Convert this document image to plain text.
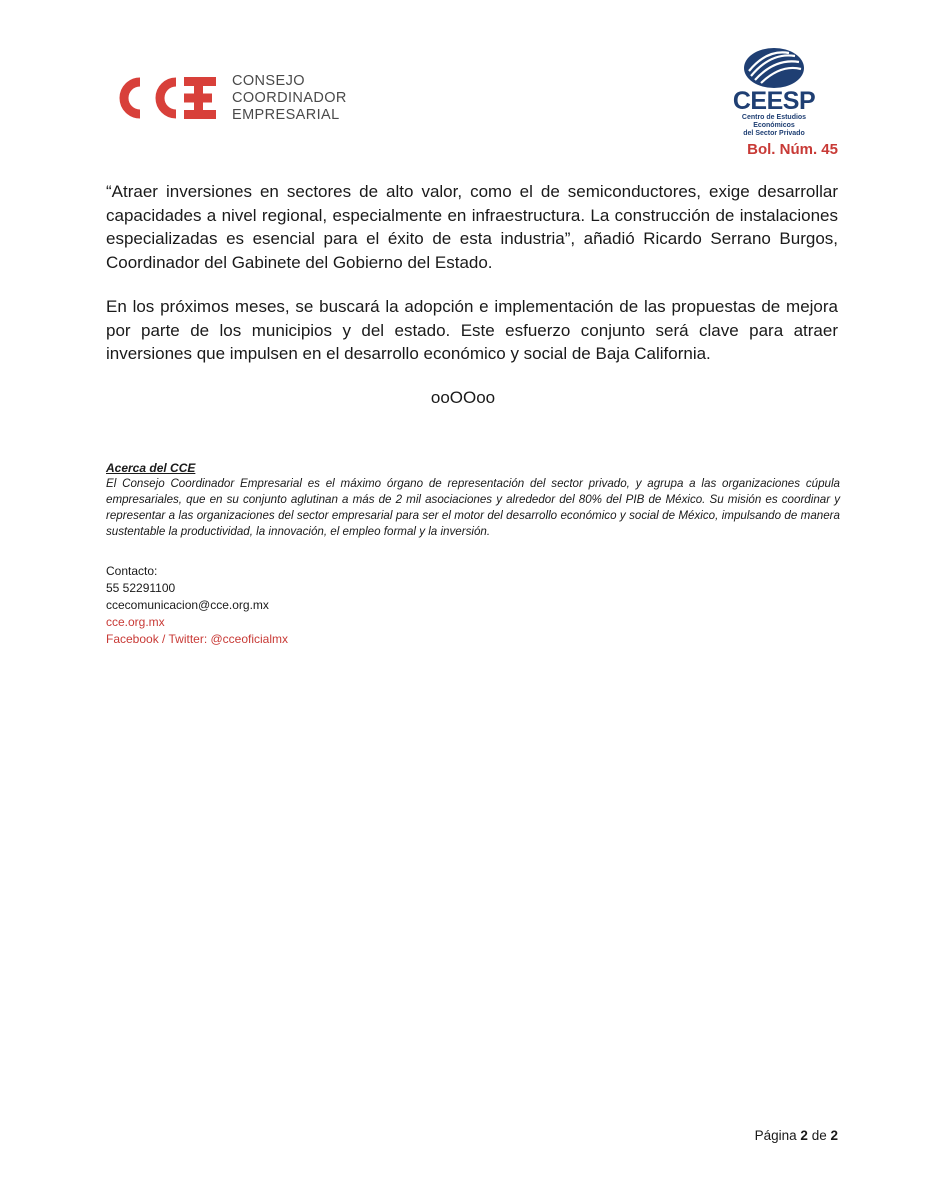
CONSEJO
COORDINADOR
EMPRESARIAL	CEESP
Centro de Estudios Económicos
del Sector Privado
Bol. Núm. 45

“Atraer inversiones en sectores de alto valor, como el de semiconductores, exige desarrollar capacidades a nivel regional, especialmente en infraestructura. La construcción de instalaciones especializadas es esencial para el éxito de esta industria”, añadió Ricardo Serrano Burgos, Coordinador del Gabinete del Gobierno del Estado.

En los próximos meses, se buscará la adopción e implementación de las propuestas de mejora por parte de los municipios y del estado. Este esfuerzo conjunto será clave para atraer inversiones que impulsen en el desarrollo económico y social de Baja California.

ooOOoo
Acerca del CCE
El Consejo Coordinador Empresarial es el máximo órgano de representación del sector privado, y agrupa a las organizaciones cúpula empresariales, que en su conjunto aglutinan a más de 2 mil asociaciones y alrededor del 80% del PIB de México. Su misión es coordinar y representar a las organizaciones del sector empresarial para ser el motor del desarrollo económico y social de México, impulsando de manera sustentable la productividad, la innovación, el empleo formal y la inversión.
Contacto:
55 52291100
ccecomunicacion@cce.org.mx
cce.org.mx
Facebook / Twitter: @cceoficialmx
Página 2 de 2
